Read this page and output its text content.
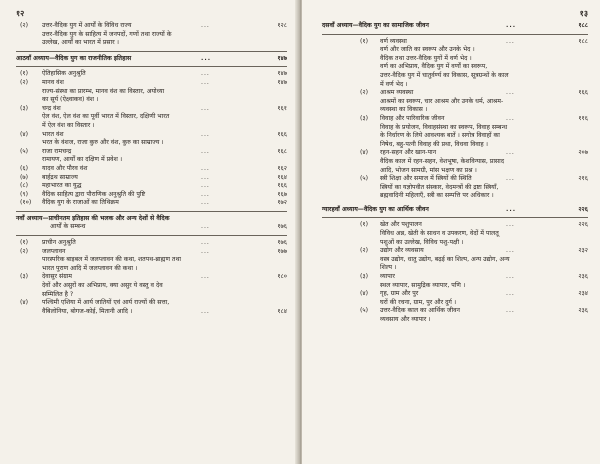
१२
(२) उत्तर-वैदिक युग में आर्यों के विविध राज्य	...	१२८
उत्तर-वैदिक युग के साहित्य में जनपदों, गणों तथा राज्यों के
उल्लेख, आर्यों का भारत में प्रसार ।
आठवाँ अध्याय—वैदिक युग का राजनीतिक इतिहास	...	१४७
(१) ऐतिहासिक अनुश्रुति	...	१४७
(२) मानव वंश	...	१४७
राज्य-संस्था का प्रारम्भ, मानव वंश का विस्तार, अयोध्या
का सूर्य (ऐक्ष्वाकव) वंश ।
(३) चन्द्र वंश	...	१६१
ऐल वंश, ऐल वंश का पूर्वी भारत में विस्तार, दक्षिणी भारत
में ऐल वंश का विस्तार ।
(४) भारत वंश	...	१६६
भरत के वंशज, राजा कुरु और वंश, कुरु का साम्राज्य ।
(५) राजा रामचन्द्र	...	१६८
रामायण, आर्यों का दक्षिण में प्रवेश ।
(६) यादव और पौरव वंश	...	१६२
(७) बार्हद्रथ साम्राज्य	...	१६४
(८) महाभारत का युद्ध	...	१६६
(९) वैदिक साहित्य द्वारा पौराणिक अनुश्रुति की पुष्टि	...	१६७
(१०) वैदिक युग के राजाओं का तिथिक्रम	...	१७२
नवाँ अध्याय—प्राचीनतम इतिहास की भलक और अन्य देशों से वैदिक
आर्यों के सम्बन्ध	...	१७६
(१) प्राचीन अनुश्रुति	...	१७६
(२) जलप्लावन	...	१७७
पारस्परिक बाइबल में जलप्लावन की कथा, शतपथ-ब्राह्मण तथा
भारत पुराण आदि में जलप्लावन की कथा ।
(३) देवासुर संग्राम	...	१८०
देवों और असुरों का अभिप्राय, क्या असुर ये वस्तु व देव
सम्मिलित है ?
(४) पश्चिमी एशिया में आर्य जातियों एवं आर्य राज्यों की सत्ता,
वैबिलोनिया, बोगज-कोई, मितानी आदि ।	...	१८४
१३
दसवाँ अध्याय—वैदिक युग का सामाजिक जीवन	...	१८८
(१) वर्ण व्यवस्था	...	१८८
वर्ण और जाति का स्वरूप और उनके भेद ।
वैदिक तथा उत्तर-वैदिक युगों में वर्ण भेद ।
वर्ण का अभिप्राय, वैदिक युग में वर्णों का स्वरूप,
उत्तर-वैदिक युग में चातुर्वर्ण्य का विकास, सूत्रग्रन्थों के काल
में वर्ण भेद ।
(२) आश्रम व्यवस्था	...	१६६
आश्रमों का स्वरूप, चार आश्रम और उनके धर्म, आश्रम-
व्यवस्था का विकास ।
(३) विवाह और पारिवारिक जीवन	...	११६
विवाह के प्रयोजन, विवाहसंस्था का स्वरूप, विवाह सम्बन्ध
के निर्धारण के लिये आवश्यक बातें । सगोत्र विवाहों का
निषेध, बहु-पत्नी विवाह की प्रथा, विधवा विवाह ।
(४) रहन-सहन और खान-पान	...	२०७
वैदिक काल में रहन-सहन, वेशभूषा, केशविन्यास, प्रासाद
आदि, भोजन सामग्री, मांस भक्षण का प्रश्न ।
(५) स्त्री शिक्षा और समाज में स्त्रियों की स्थिति	...	२१६
स्त्रियों का यज्ञोपवीत संस्कार, वेदमन्त्रों की द्रष्टा स्त्रियाँ,
ब्रह्मवादिनी महिलाएँ, स्त्री का सम्पत्ति पर अधिकार ।
ग्यारहवाँ अध्याय—वैदिक युग का आर्थिक जीवन	...	२२६
(१) खेत और पशुपालन	...	२२६
विविध अन्न, खेती के साधन व उपकरण, वेदों में पालतू
पशुओं का उल्लेख, विविध पशु-पक्षी ।
(२) उद्योग और व्यवसाय	...	२३२
वस्त्र उद्योग, धातु उद्योग, बढ़ई का शिल्प, अन्य उद्योग, अन्य
शिल्प ।
(३) व्यापार	...	२३६
स्थल व्यापार, सामुद्रिक व्यापार, पणि ।
(४) गृह, ग्राम और पुर	...	२३४
घरों की रचना, ग्राम, पुर और दुर्ग ।
(५) उत्तर-वैदिक काल का आर्थिक जीवन	...	२३६
व्यवसाय और व्यापार ।
